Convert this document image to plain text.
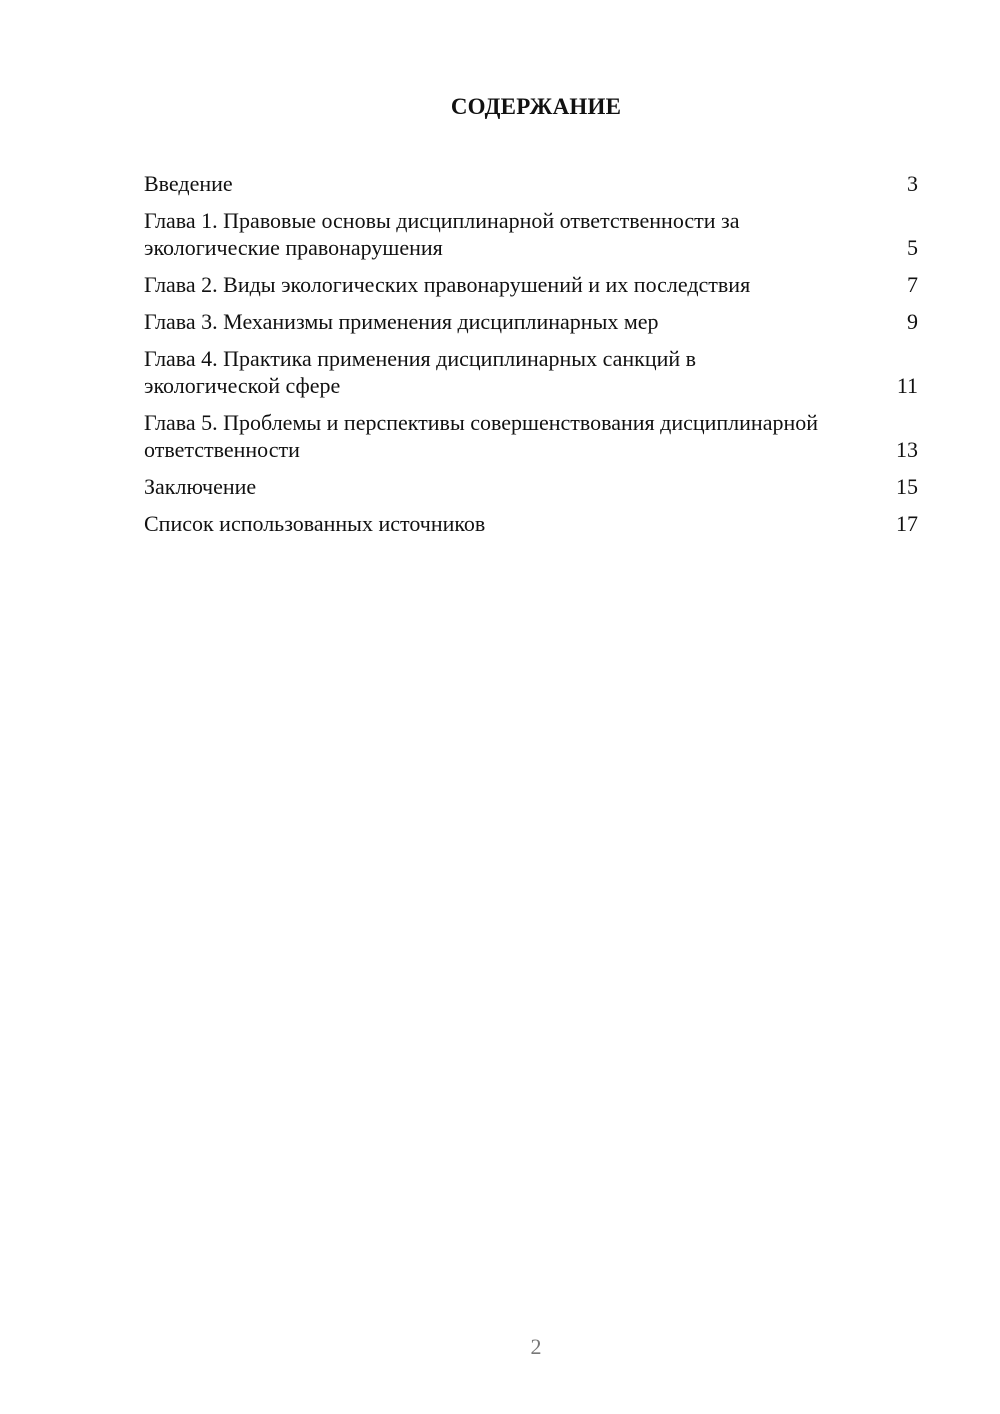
СОДЕРЖАНИЕ
Введение	3
Глава 1. Правовые основы дисциплинарной ответственности за экологические правонарушения	5
Глава 2. Виды экологических правонарушений и их последствия	7
Глава 3. Механизмы применения дисциплинарных мер	9
Глава 4. Практика применения дисциплинарных санкций в экологической сфере	11
Глава 5. Проблемы и перспективы совершенствования дисциплинарной ответственности	13
Заключение	15
Список использованных источников	17
2
